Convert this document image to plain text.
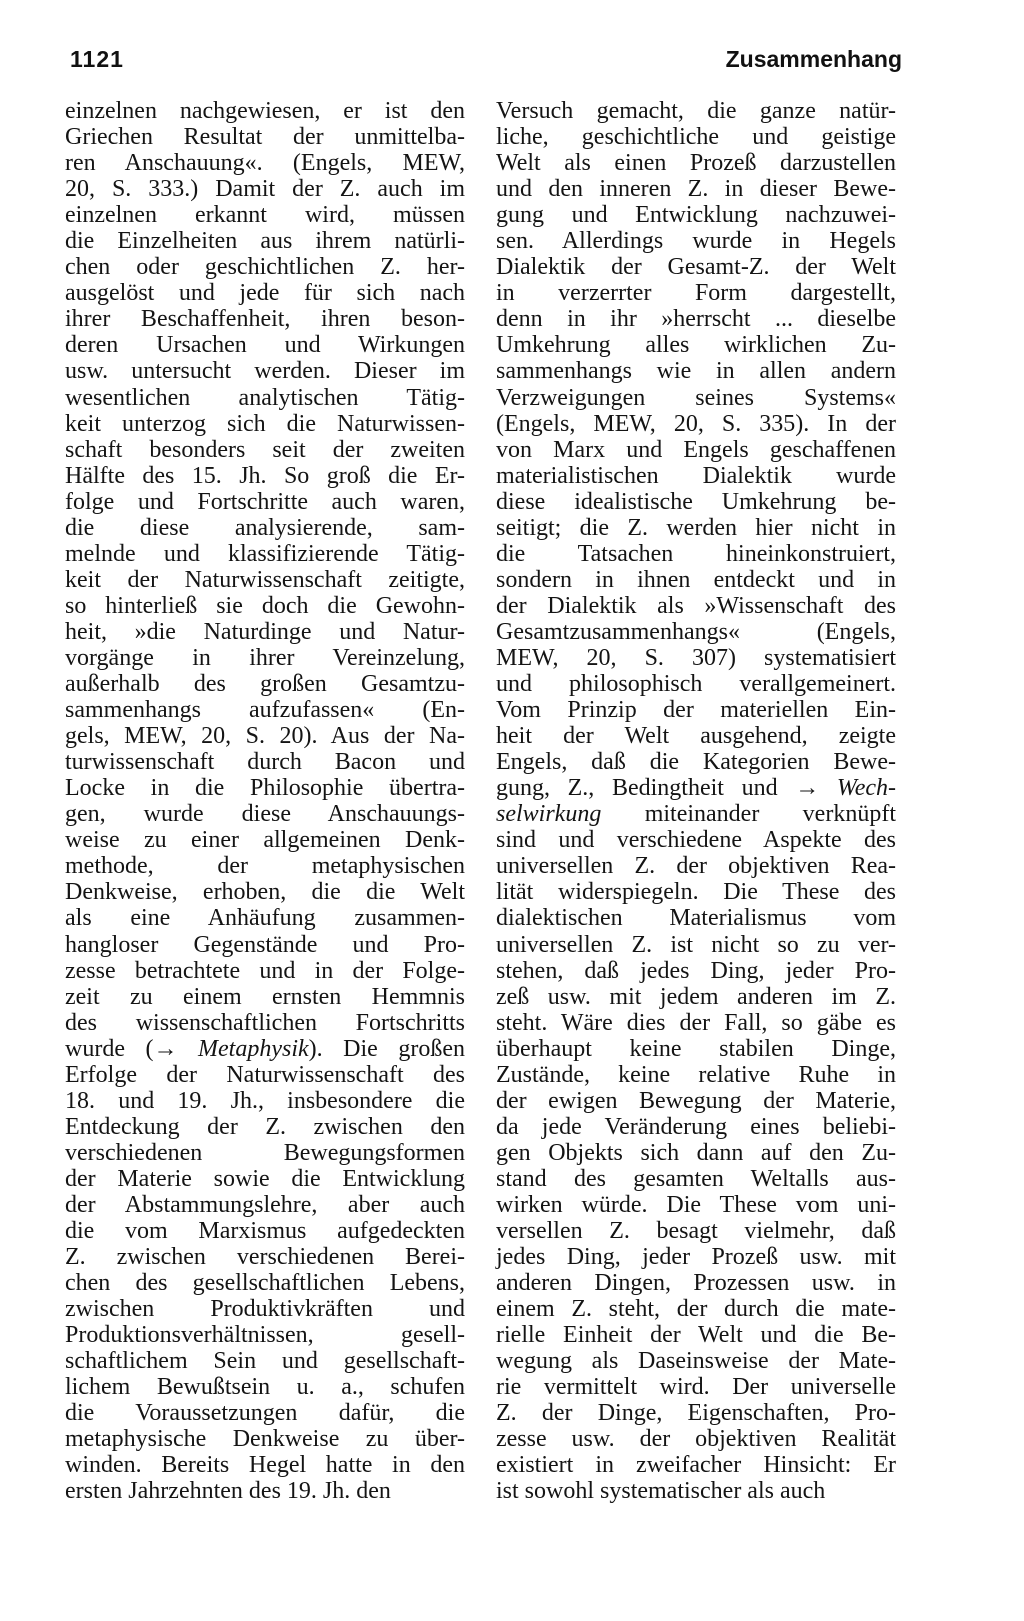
1121	Zusammenhang
einzelnen nachgewiesen, er ist den
Griechen Resultat der unmittelba-
ren Anschauung«. (Engels, MEW,
20, S. 333.) Damit der Z. auch im
einzelnen erkannt wird, müssen
die Einzelheiten aus ihrem natürli-
chen oder geschichtlichen Z. her-
ausgelöst und jede für sich nach
ihrer Beschaffenheit, ihren beson-
deren Ursachen und Wirkungen
usw. untersucht werden. Dieser im
wesentlichen analytischen Tätig-
keit unterzog sich die Naturwissen-
schaft besonders seit der zweiten
Hälfte des 15. Jh. So groß die Er-
folge und Fortschritte auch waren,
die diese analysierende, sam-
melnde und klassifizierende Tätig-
keit der Naturwissenschaft zeitigte,
so hinterließ sie doch die Gewohn-
heit, »die Naturdinge und Natur-
vorgänge in ihrer Vereinzelung,
außerhalb des großen Gesamtzu-
sammenhangs aufzufassen« (En-
gels, MEW, 20, S. 20). Aus der Na-
turwissenschaft durch Bacon und
Locke in die Philosophie übertra-
gen, wurde diese Anschauungs-
weise zu einer allgemeinen Denk-
methode, der metaphysischen
Denkweise, erhoben, die die Welt
als eine Anhäufung zusammen-
hangloser Gegenstände und Pro-
zesse betrachtete und in der Folge-
zeit zu einem ernsten Hemmnis
des wissenschaftlichen Fortschritts
wurde (→ Metaphysik). Die großen
Erfolge der Naturwissenschaft des
18. und 19. Jh., insbesondere die
Entdeckung der Z. zwischen den
verschiedenen Bewegungsformen
der Materie sowie die Entwicklung
der Abstammungslehre, aber auch
die vom Marxismus aufgedeckten
Z. zwischen verschiedenen Berei-
chen des gesellschaftlichen Lebens,
zwischen Produktivkräften und
Produktionsverhältnissen, gesell-
schaftlichem Sein und gesellschaft-
lichem Bewußtsein u. a., schufen
die Voraussetzungen dafür, die
metaphysische Denkweise zu über-
winden. Bereits Hegel hatte in den
ersten Jahrzehnten des 19. Jh. den
Versuch gemacht, die ganze natür-
liche, geschichtliche und geistige
Welt als einen Prozeß darzustellen
und den inneren Z. in dieser Bewe-
gung und Entwicklung nachzuwei-
sen. Allerdings wurde in Hegels
Dialektik der Gesamt-Z. der Welt
in verzerrter Form dargestellt,
denn in ihr »herrscht ... dieselbe
Umkehrung alles wirklichen Zu-
sammenhangs wie in allen andern
Verzweigungen seines Systems«
(Engels, MEW, 20, S. 335). In der
von Marx und Engels geschaffenen
materialistischen Dialektik wurde
diese idealistische Umkehrung be-
seitigt; die Z. werden hier nicht in
die Tatsachen hineinkonstruiert,
sondern in ihnen entdeckt und in
der Dialektik als »Wissenschaft des
Gesamtzusammenhangs« (Engels,
MEW, 20, S. 307) systematisiert
und philosophisch verallgemeinert.
Vom Prinzip der materiellen Ein-
heit der Welt ausgehend, zeigte
Engels, daß die Kategorien Bewe-
gung, Z., Bedingtheit und → Wech-
selwirkung miteinander verknüpft
sind und verschiedene Aspekte des
universellen Z. der objektiven Rea-
lität widerspiegeln. Die These des
dialektischen Materialismus vom
universellen Z. ist nicht so zu ver-
stehen, daß jedes Ding, jeder Pro-
zeß usw. mit jedem anderen im Z.
steht. Wäre dies der Fall, so gäbe es
überhaupt keine stabilen Dinge,
Zustände, keine relative Ruhe in
der ewigen Bewegung der Materie,
da jede Veränderung eines beliebi-
gen Objekts sich dann auf den Zu-
stand des gesamten Weltalls aus-
wirken würde. Die These vom uni-
versellen Z. besagt vielmehr, daß
jedes Ding, jeder Prozeß usw. mit
anderen Dingen, Prozessen usw. in
einem Z. steht, der durch die mate-
rielle Einheit der Welt und die Be-
wegung als Daseinsweise der Mate-
rie vermittelt wird. Der universelle
Z. der Dinge, Eigenschaften, Pro-
zesse usw. der objektiven Realität
existiert in zweifacher Hinsicht: Er
ist sowohl systematischer als auch
